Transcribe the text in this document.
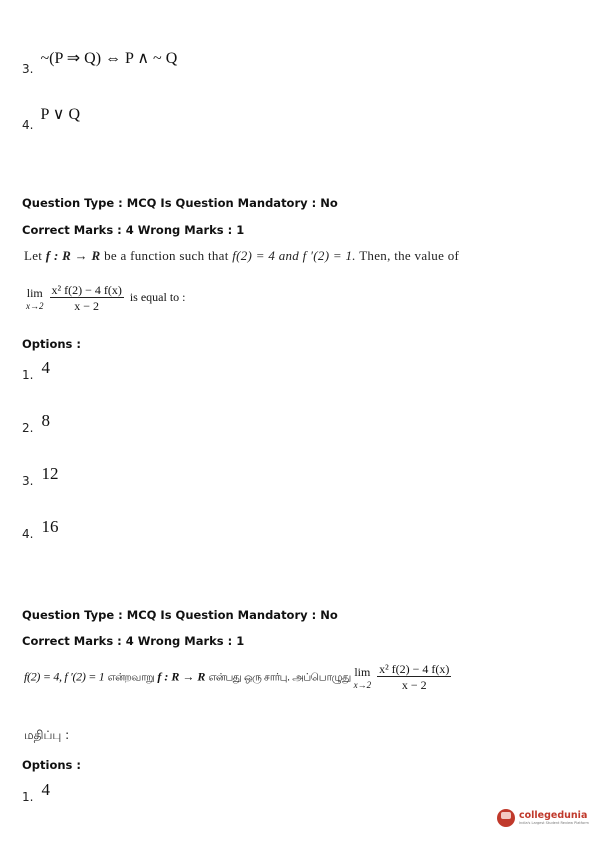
$_{3.}$ ~(P ⇒ Q) ⇔ P ∧ ~ Q
$_{4.}$ P ∨ Q
Question Type : MCQ Is Question Mandatory : No
Correct Marks : 4 Wrong Marks : 1
Let f : R → R be a function such that f(2) = 4 and f ′(2) = 1. Then, the value of
lim
x→2
$\frac{\text{x² f(2) − 4 f(x)}}{x - 2}$ is equal to :
Options :
$_{1.}$ 4
$_{2.}$ 8
$_{3.}$ 12
$_{4.}$ 16
Question Type : MCQ Is Question Mandatory : No
Correct Marks : 4 Wrong Marks : 1
f(2) = 4, f ′(2) = 1 என்றவாறு f : R → R என்பது ஒரு சார்பு. அப்பொழுது lim
x→2
$\frac{\text{x² f(2) − 4 f(x)}}{x - 2}$
மதிப்பு :
Options :
$_{1.}$ 4
collegedunia
India's Largest Student Review Platform
